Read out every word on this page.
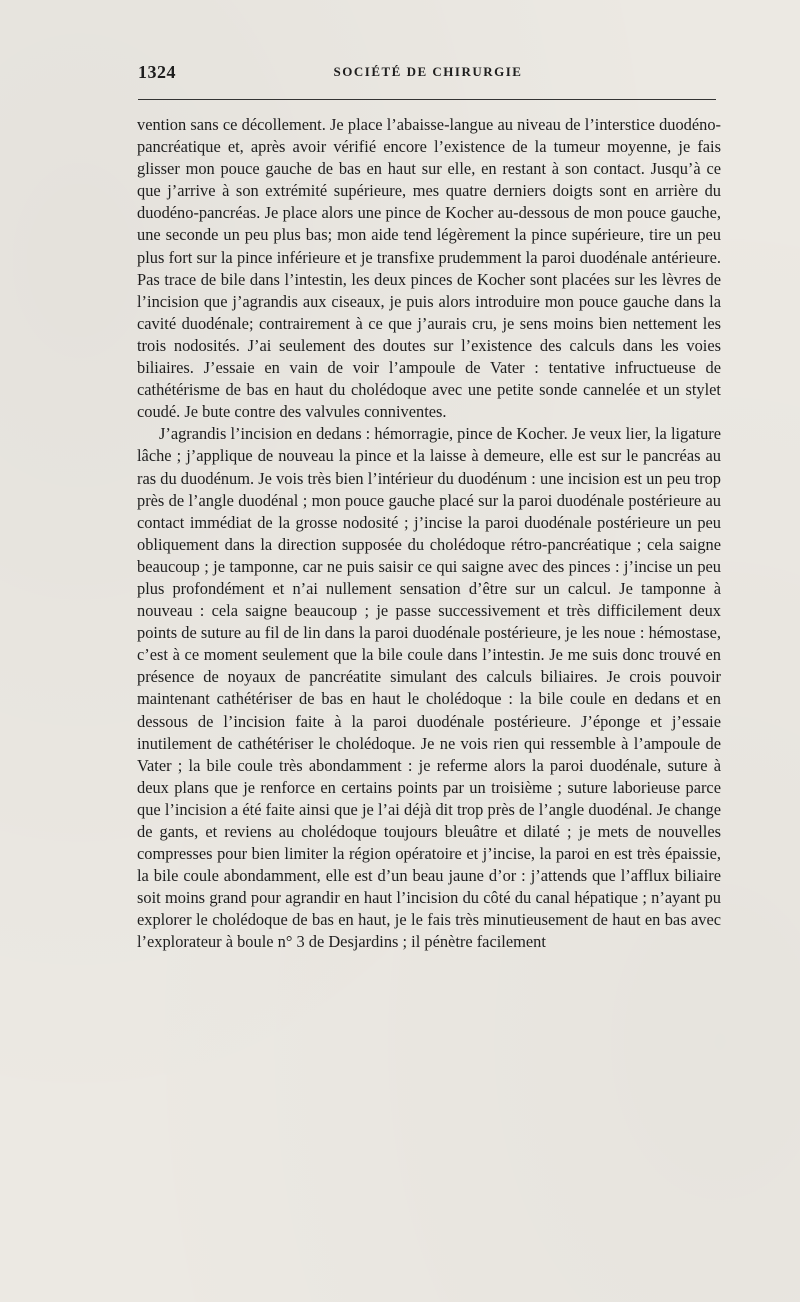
1324	SOCIÉTÉ DE CHIRURGIE

vention sans ce décollement. Je place l’abaisse-langue au niveau de l’interstice duodéno-pancréatique et, après avoir vérifié encore l’existence de la tumeur moyenne, je fais glisser mon pouce gauche de bas en haut sur elle, en restant à son contact. Jusqu’à ce que j’arrive à son extrémité supérieure, mes quatre derniers doigts sont en arrière du duodéno-pancréas. Je place alors une pince de Kocher au-dessous de mon pouce gauche, une seconde un peu plus bas; mon aide tend légèrement la pince supérieure, tire un peu plus fort sur la pince inférieure et je transfixe prudemment la paroi duodénale antérieure. Pas trace de bile dans l’intestin, les deux pinces de Kocher sont placées sur les lèvres de l’incision que j’agrandis aux ciseaux, je puis alors introduire mon pouce gauche dans la cavité duodénale; contrairement à ce que j’aurais cru, je sens moins bien nettement les trois nodosités. J’ai seulement des doutes sur l’existence des calculs dans les voies biliaires. J’essaie en vain de voir l’ampoule de Vater : tentative infructueuse de cathétérisme de bas en haut du cholédoque avec une petite sonde cannelée et un stylet coudé. Je bute contre des valvules conniventes.

J’agrandis l’incision en dedans : hémorragie, pince de Kocher. Je veux lier, la ligature lâche ; j’applique de nouveau la pince et la laisse à demeure, elle est sur le pancréas au ras du duodénum. Je vois très bien l’intérieur du duodénum : une incision est un peu trop près de l’angle duodénal ; mon pouce gauche placé sur la paroi duodénale postérieure au contact immédiat de la grosse nodosité ; j’incise la paroi duodénale postérieure un peu obliquement dans la direction supposée du cholédoque rétro-pancréatique ; cela saigne beaucoup ; je tamponne, car ne puis saisir ce qui saigne avec des pinces : j’incise un peu plus profondément et n’ai nullement sensation d’être sur un calcul. Je tamponne à nouveau : cela saigne beaucoup ; je passe successivement et très difficilement deux points de suture au fil de lin dans la paroi duodénale postérieure, je les noue : hémostase, c’est à ce moment seulement que la bile coule dans l’intestin. Je me suis donc trouvé en présence de noyaux de pancréatite simulant des calculs biliaires. Je crois pouvoir maintenant cathétériser de bas en haut le cholédoque : la bile coule en dedans et en dessous de l’incision faite à la paroi duodénale postérieure. J’éponge et j’essaie inutilement de cathétériser le cholédoque. Je ne vois rien qui ressemble à l’ampoule de Vater ; la bile coule très abondamment : je referme alors la paroi duodénale, suture à deux plans que je renforce en certains points par un troisième ; suture laborieuse parce que l’incision a été faite ainsi que je l’ai déjà dit trop près de l’angle duodénal. Je change de gants, et reviens au cholédoque toujours bleuâtre et dilaté ; je mets de nouvelles compresses pour bien limiter la région opératoire et j’incise, la paroi en est très épaissie, la bile coule abondamment, elle est d’un beau jaune d’or : j’attends que l’afflux biliaire soit moins grand pour agrandir en haut l’incision du côté du canal hépatique ; n’ayant pu explorer le cholédoque de bas en haut, je le fais très minutieusement de haut en bas avec l’explorateur à boule n° 3 de Desjardins ; il pénètre facilement
